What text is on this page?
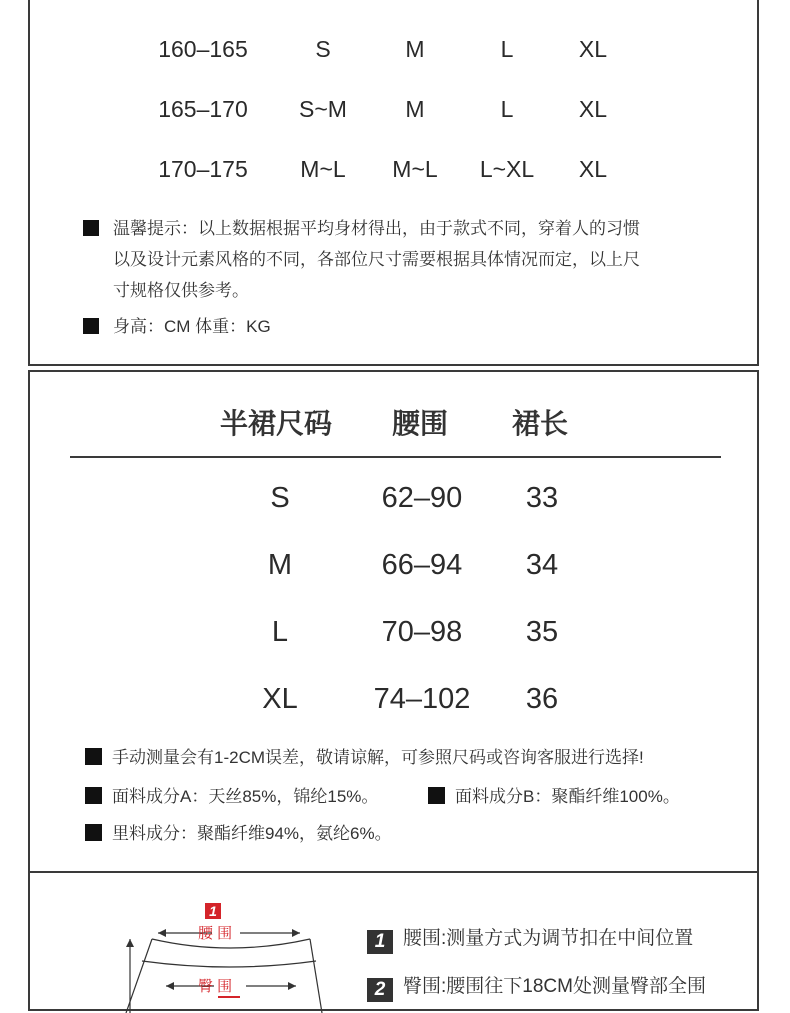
160–165	S	M	L	XL
165–170	S~M	M	L	XL
170–175	M~L	M~L	L~XL	XL
温馨提示：以上数据根据平均身材得出，由于款式不同，穿着人的习惯
以及设计元素风格的不同，各部位尺寸需要根据具体情况而定，以上尺
寸规格仅供参考。
身高：CM 体重：KG
半裙尺码 腰围 裙长
S	62–90	33
M	66–94	34
L	70–98	35
XL	74–102	36
手动测量会有1-2CM误差，敬请谅解，可参照尺码或咨询客服进行选择!
面料成分A：天丝85%，锦纶15%。	面料成分B：聚酯纤维100%。
里料成分：聚酯纤维94%，氨纶6%。
1
腰 围
臀 围
1 腰围:测量方式为调节扣在中间位置
2 臀围:腰围往下18CM处测量臀部全围
